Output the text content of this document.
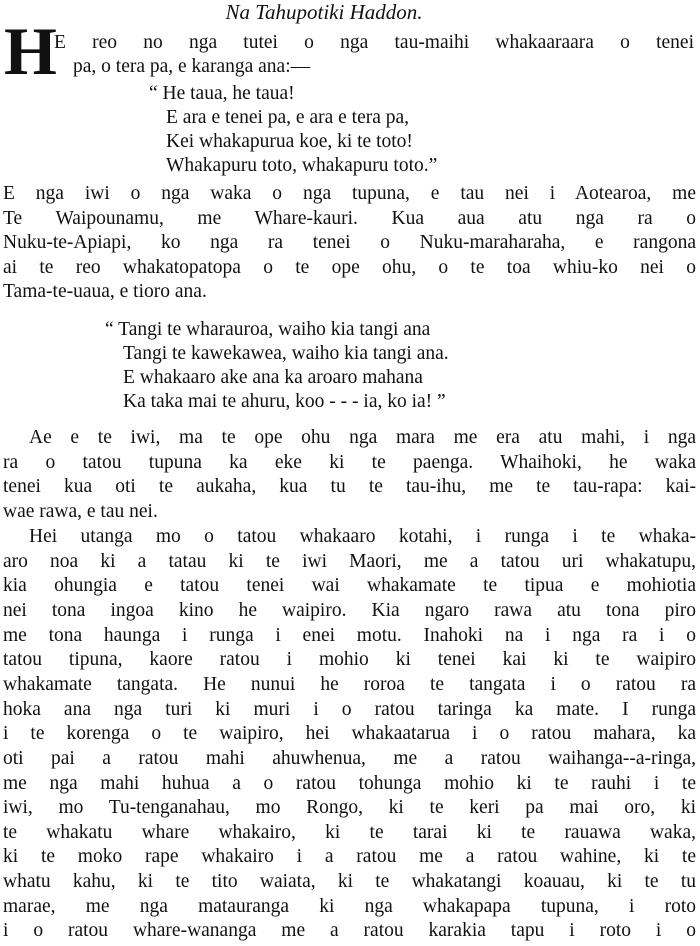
Na Tahupotiki Haddon.
H
E reo no nga tutei o nga tau-maihi whakaaraara o tenei
pa, o tera pa, e karanga ana:—
“ He taua, he taua!
E ara e tenei pa, e ara e tera pa,
Kei whakapurua koe, ki te toto!
Whakapuru toto, whakapuru toto.”
E nga iwi o nga waka o nga tupuna, e tau nei i Aotearoa, me
Te Waipounamu, me Whare-kauri. Kua aua atu nga ra o
Nuku-te-Apiapi, ko nga ra tenei o Nuku-maraharaha, e rangona
ai te reo whakatopatopa o te ope ohu, o te toa whiu-ko nei o
Tama-te-uaua, e tioro ana.
“ Tangi te wharauroa, waiho kia tangi ana
Tangi te kawekawea, waiho kia tangi ana.
E whakaaro ake ana ka aroaro mahana
Ka taka mai te ahuru, koo - - - ia, ko ia! ”
Ae e te iwi, ma te ope ohu nga mara me era atu mahi, i nga
ra o tatou tupuna ka eke ki te paenga. Whaihoki, he waka
tenei kua oti te aukaha, kua tu te tau-ihu, me te tau-rapa: kai-
wae rawa, e tau nei.
Hei utanga mo o tatou whakaaro kotahi, i runga i te whaka-
aro noa ki a tatau ki te iwi Maori, me a tatou uri whakatupu,
kia ohungia e tatou tenei wai whakamate te tipua e mohiotia
nei tona ingoa kino he waipiro. Kia ngaro rawa atu tona piro
me tona haunga i runga i enei motu. Inahoki na i nga ra i o
tatou tipuna, kaore ratou i mohio ki tenei kai ki te waipiro
whakamate tangata. He nunui he roroa te tangata i o ratou ra
hoka ana nga turi ki muri i o ratou taringa ka mate. I runga
i te korenga o te waipiro, hei whakaatarua i o ratou mahara, ka
oti pai a ratou mahi ahuwhenua, me a ratou waihanga--a-ringa,
me nga mahi huhua a o ratou tohunga mohio ki te rauhi i te
iwi, mo Tu-tenganahau, mo Rongo, ki te keri pa mai oro, ki
te whakatu whare whakairo, ki te tarai ki te rauawa waka,
ki te moko rape whakairo i a ratou me a ratou wahine, ki te
whatu kahu, ki te tito waiata, ki te whakatangi koauau, ki te tu
marae, me nga matauranga ki nga whakapapa tupuna, i roto
i o ratou whare-wananga me a ratou karakia tapu i roto i o
